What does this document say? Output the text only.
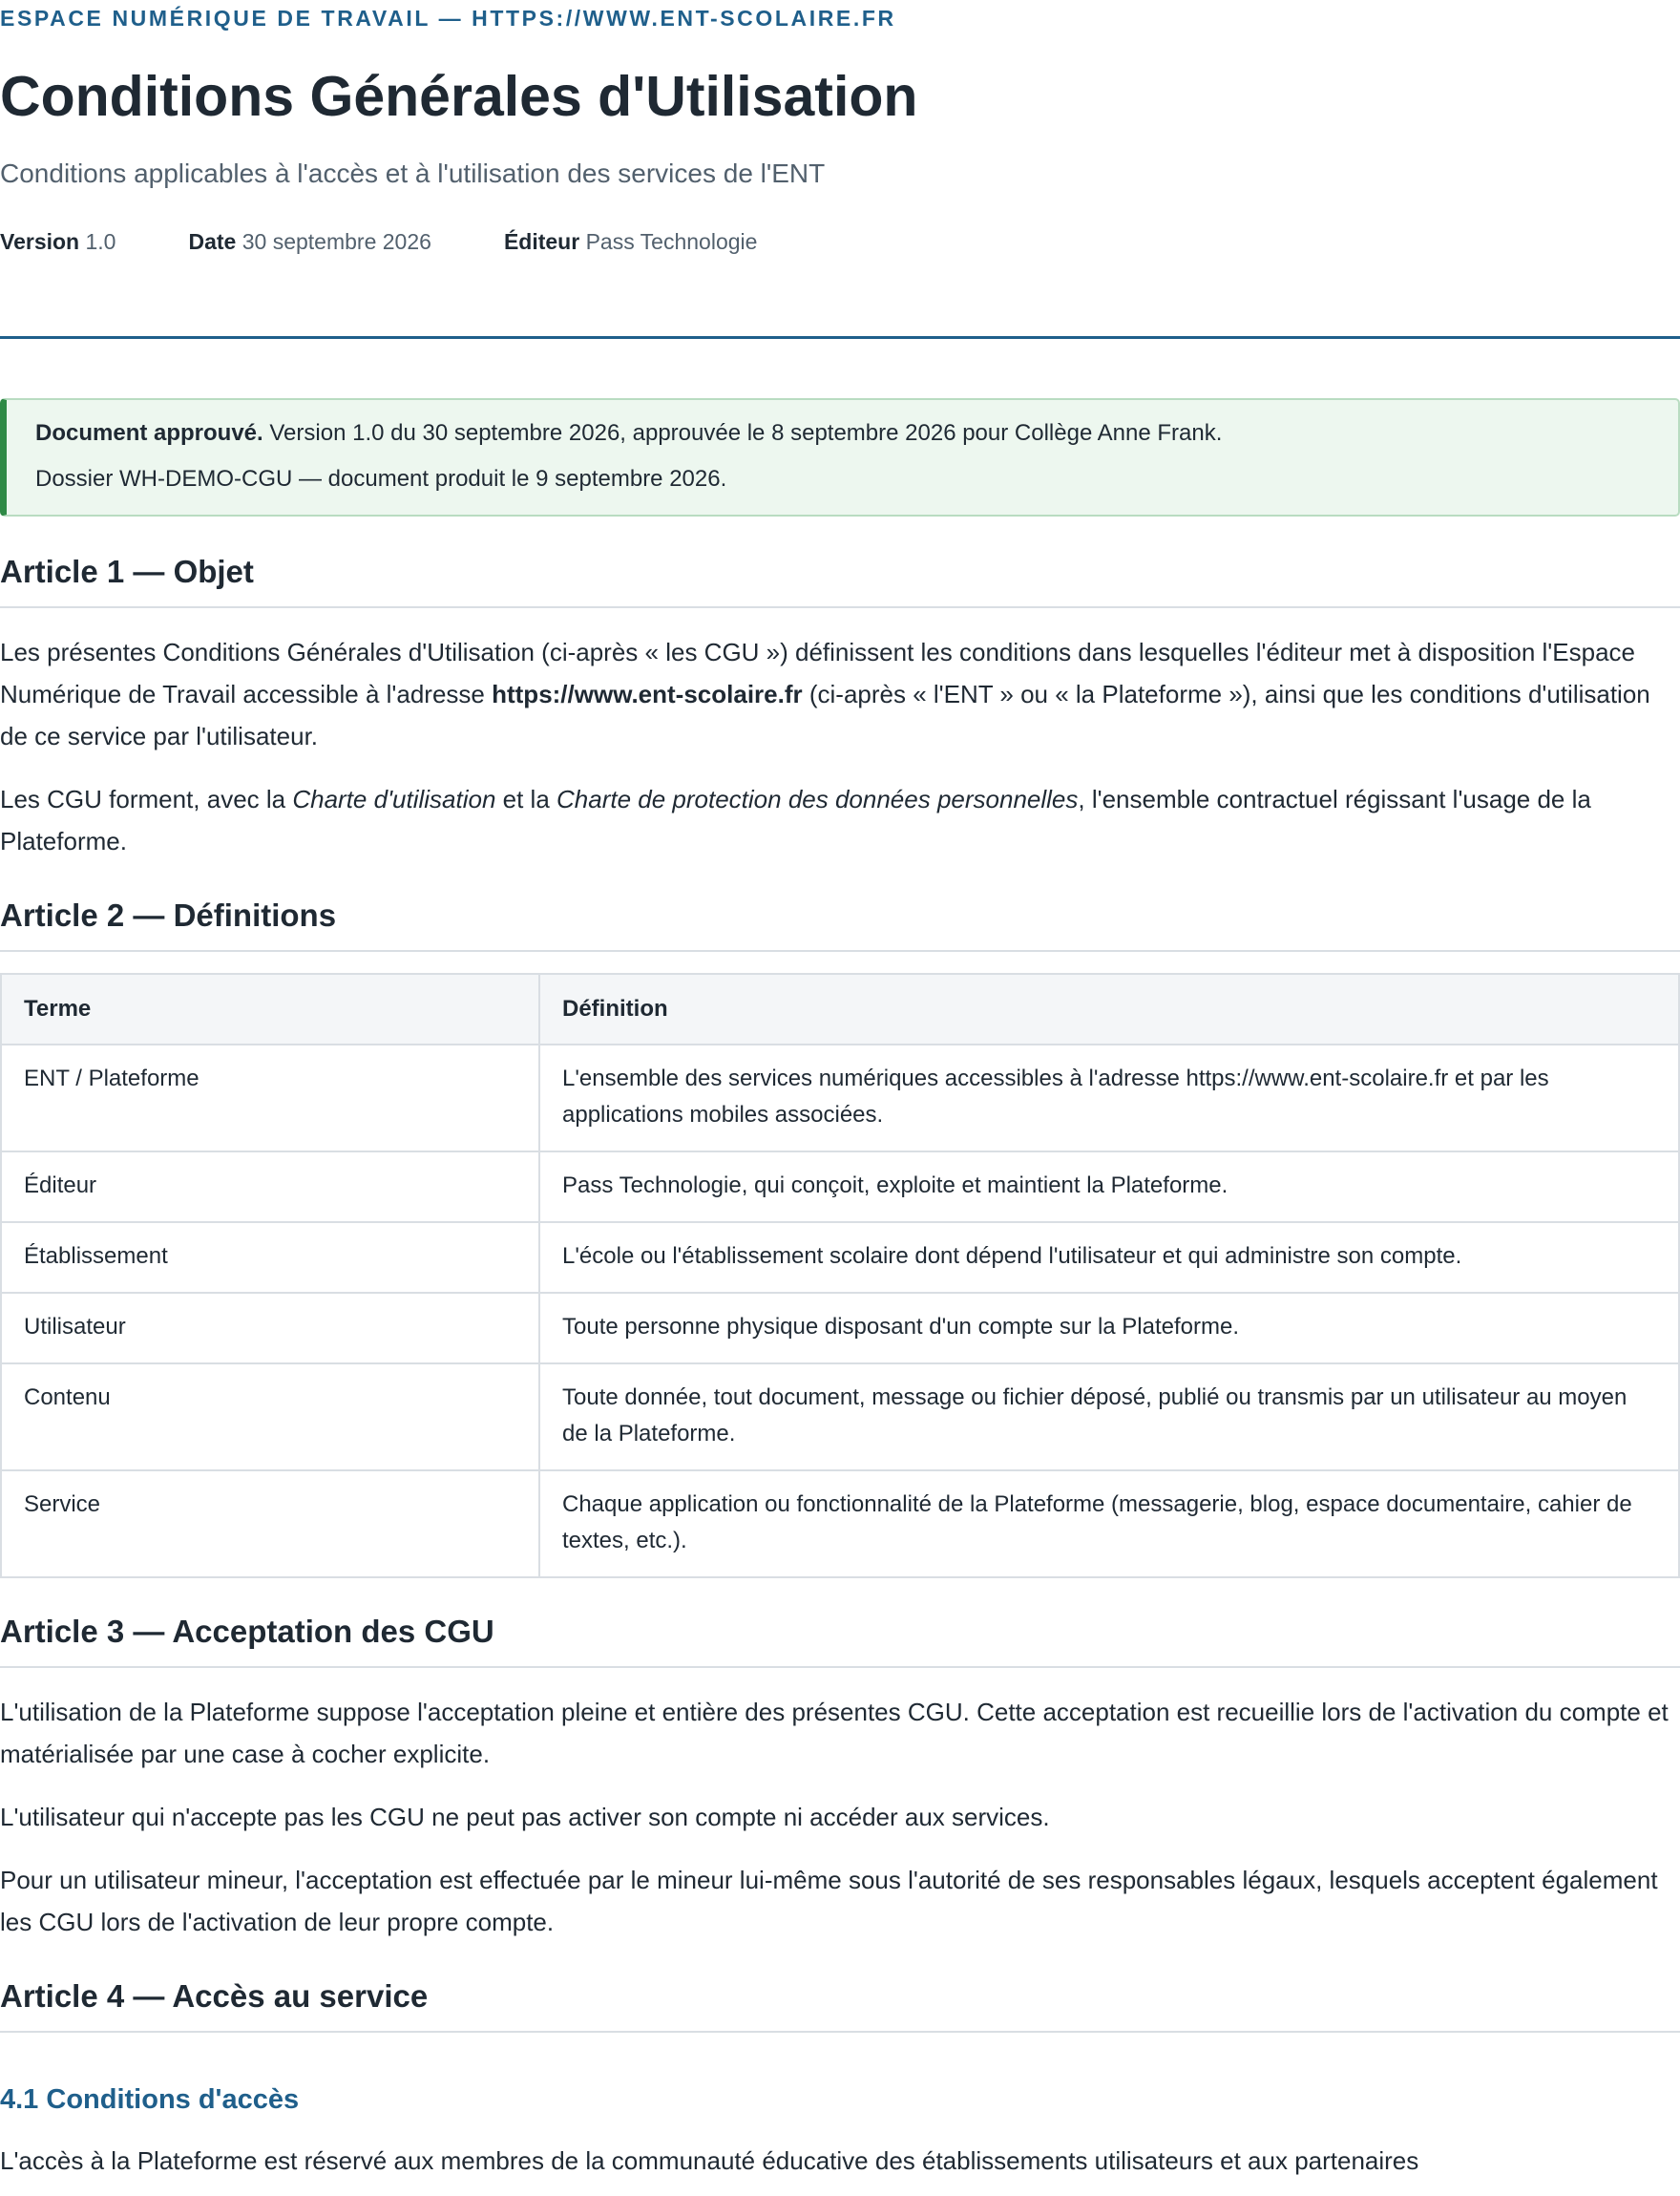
ESPACE NUMÉRIQUE DE TRAVAIL — HTTPS://WWW.ENT-SCOLAIRE.FR

Conditions Générales d'Utilisation

Conditions applicables à l'accès et à l'utilisation des services de l'ENT

Version 1.0	Date 30 septembre 2026	Éditeur Pass Technologie

Document approuvé. Version 1.0 du 30 septembre 2026, approuvée le 8 septembre 2026 pour Collège Anne Frank.

Dossier WH-DEMO-CGU — document produit le 9 septembre 2026.

Article 1 — Objet

Les présentes Conditions Générales d'Utilisation (ci-après « les CGU ») définissent les conditions dans lesquelles l'éditeur met à disposition l'Espace Numérique de Travail accessible à l'adresse https://www.ent-scolaire.fr (ci-après « l'ENT » ou « la Plateforme »), ainsi que les conditions d'utilisation de ce service par l'utilisateur.

Les CGU forment, avec la Charte d'utilisation et la Charte de protection des données personnelles, l'ensemble contractuel régissant l'usage de la Plateforme.

Article 2 — Définitions
Terme	Définition
ENT / Plateforme	L'ensemble des services numériques accessibles à l'adresse https://www.ent-scolaire.fr et par les applications mobiles associées.
Éditeur	Pass Technologie, qui conçoit, exploite et maintient la Plateforme.
Établissement	L'école ou l'établissement scolaire dont dépend l'utilisateur et qui administre son compte.
Utilisateur	Toute personne physique disposant d'un compte sur la Plateforme.
Contenu	Toute donnée, tout document, message ou fichier déposé, publié ou transmis par un utilisateur au moyen de la Plateforme.
Service	Chaque application ou fonctionnalité de la Plateforme (messagerie, blog, espace documentaire, cahier de textes, etc.).
Article 3 — Acceptation des CGU

L'utilisation de la Plateforme suppose l'acceptation pleine et entière des présentes CGU. Cette acceptation est recueillie lors de l'activation du compte et matérialisée par une case à cocher explicite.

L'utilisateur qui n'accepte pas les CGU ne peut pas activer son compte ni accéder aux services.

Pour un utilisateur mineur, l'acceptation est effectuée par le mineur lui-même sous l'autorité de ses responsables légaux, lesquels acceptent également les CGU lors de l'activation de leur propre compte.

Article 4 — Accès au service
4.1 Conditions d'accès

L'accès à la Plateforme est réservé aux membres de la communauté éducative des établissements utilisateurs et aux partenaires
